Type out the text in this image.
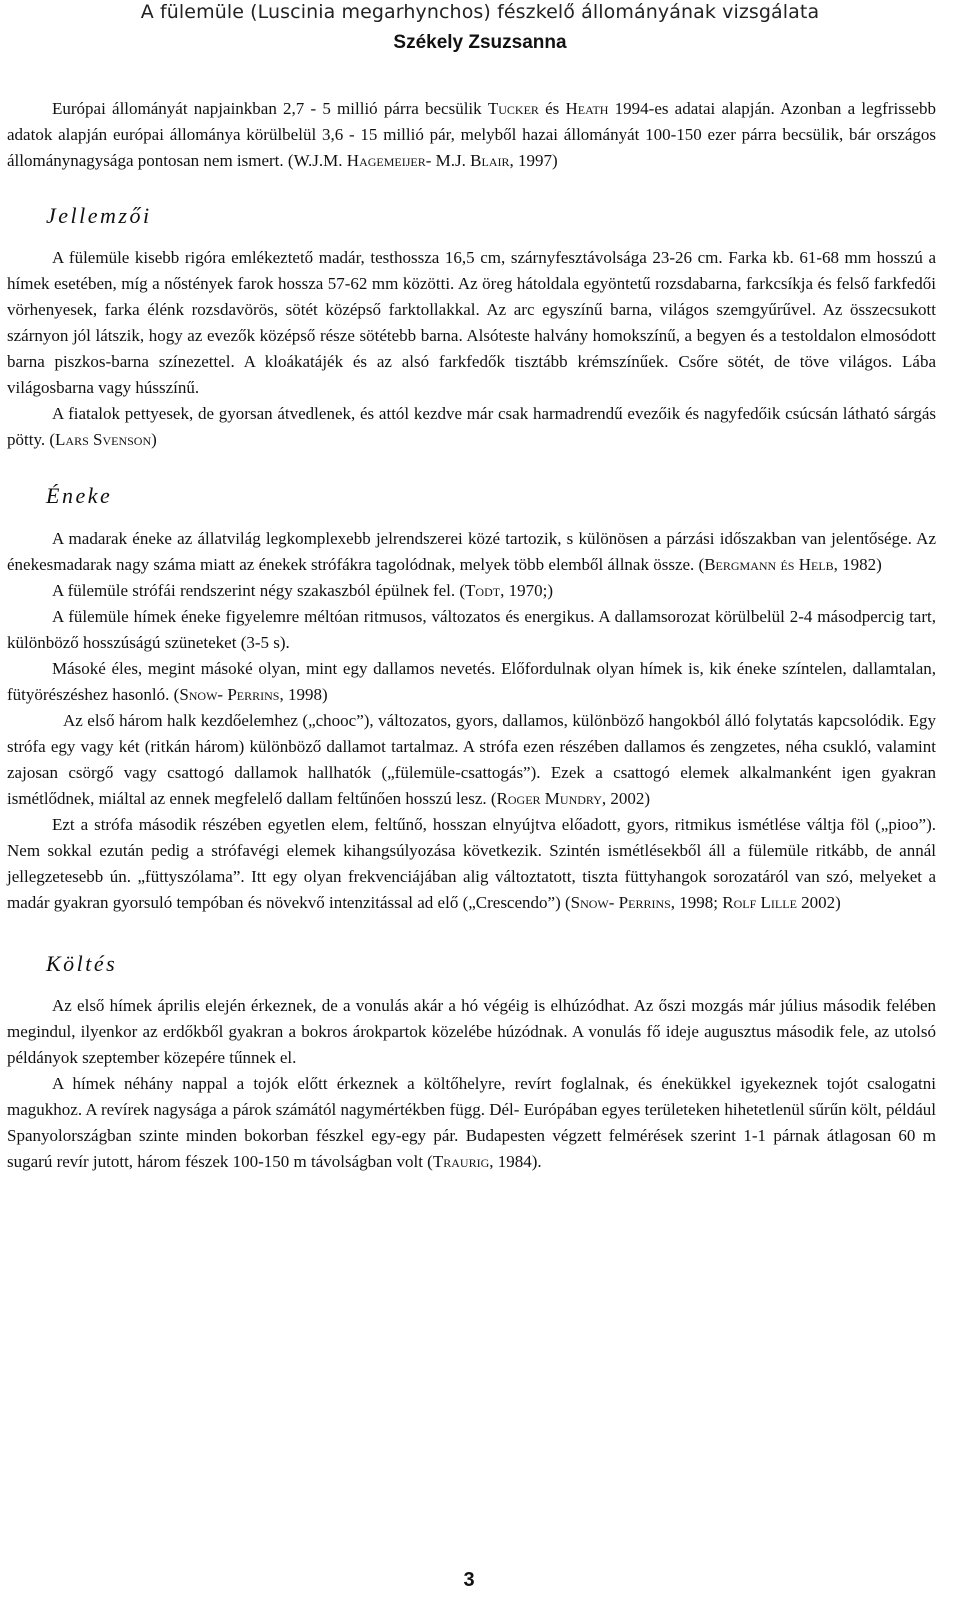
A fülemüle (Luscinia megarhynchos) fészkelő állományának vizsgálata
Székely Zsuzsanna

Európai állományát napjainkban 2,7 - 5 millió párra becsülik Tucker és Heath 1994-es adatai alapján. Azonban a legfrissebb adatok alapján európai állománya körülbelül 3,6 - 15 millió pár, melyből hazai állományát 100-150 ezer párra becsülik, bár országos állománynagysága pontosan nem ismert. (W.J.M. Hagemeijer- M.J. Blair, 1997)

Jellemzői

A fülemüle kisebb rigóra emlékeztető madár, testhossza 16,5 cm, szárnyfesztávolsága 23-26 cm. Farka kb. 61-68 mm hosszú a hímek esetében, míg a nőstények farok hossza 57-62 mm közötti. Az öreg hátoldala egyöntetű rozsdabarna, farkcsíkja és felső farkfedői vörhenyesek, farka élénk rozsdavörös, sötét középső farktollakkal. Az arc egyszínű barna, világos szemgyűrűvel. Az összecsukott szárnyon jól látszik, hogy az evezők középső része sötétebb barna. Alsóteste halvány homokszínű, a begyen és a testoldalon elmosódott barna piszkos-barna színezettel. A kloákatájék és az alsó farkfedők tisztább krémszínűek. Csőre sötét, de töve világos. Lába világosbarna vagy hússzínű.

A fiatalok pettyesek, de gyorsan átvedlenek, és attól kezdve már csak harmadrendű evezőik és nagyfedőik csúcsán látható sárgás pötty. (Lars Svenson)

Éneke

A madarak éneke az állatvilág legkomplexebb jelrendszerei közé tartozik, s különösen a párzási időszakban van jelentősége. Az énekesmadarak nagy száma miatt az énekek strófákra tagolódnak, melyek több elemből állnak össze. (Bergmann és Helb, 1982)

A fülemüle strófái rendszerint négy szakaszból épülnek fel. (Todt, 1970;)

A fülemüle hímek éneke figyelemre méltóan ritmusos, változatos és energikus. A dallamsorozat körülbelül 2-4 másodpercig tart, különböző hosszúságú szüneteket (3-5 s).

Másoké éles, megint másoké olyan, mint egy dallamos nevetés. Előfordulnak olyan hímek is, kik éneke színtelen, dallamtalan, fütyörészéshez hasonló. (Snow- Perrins, 1998)

Az első három halk kezdőelemhez („chooc”), változatos, gyors, dallamos, különböző hangokból álló folytatás kapcsolódik. Egy strófa egy vagy két (ritkán három) különböző dallamot tartalmaz. A strófa ezen részében dallamos és zengzetes, néha csukló, valamint zajosan csörgő vagy csattogó dallamok hallhatók („fülemüle-csattogás”). Ezek a csattogó elemek alkalmanként igen gyakran ismétlődnek, miáltal az ennek megfelelő dallam feltűnően hosszú lesz. (Roger Mundry, 2002)

Ezt a strófa második részében egyetlen elem, feltűnő, hosszan elnyújtva előadott, gyors, ritmikus ismétlése váltja föl („pioo”). Nem sokkal ezután pedig a strófavégi elemek kihangsúlyozása következik. Szintén ismétlésekből áll a fülemüle ritkább, de annál jellegzetesebb ún. „füttyszólama”. Itt egy olyan frekvenciájában alig változtatott, tiszta füttyhangok sorozatáról van szó, melyeket a madár gyakran gyorsuló tempóban és növekvő intenzitással ad elő („Crescendo”) (Snow- Perrins, 1998; Rolf Lille 2002)

Költés

Az első hímek április elején érkeznek, de a vonulás akár a hó végéig is elhúzódhat. Az őszi mozgás már július második felében megindul, ilyenkor az erdőkből gyakran a bokros árokpartok közelébe húzódnak. A vonulás fő ideje augusztus második fele, az utolsó példányok szeptember közepére tűnnek el.

A hímek néhány nappal a tojók előtt érkeznek a költőhelyre, revírt foglalnak, és énekükkel igyekeznek tojót csalogatni magukhoz. A revírek nagysága a párok számától nagymértékben függ. Dél- Európában egyes területeken hihetetlenül sűrűn költ, például Spanyolországban szinte minden bokorban fészkel egy-egy pár. Budapesten végzett felmérések szerint 1-1 párnak átlagosan 60 m sugarú revír jutott, három fészek 100-150 m távolságban volt (Traurig, 1984).

3
